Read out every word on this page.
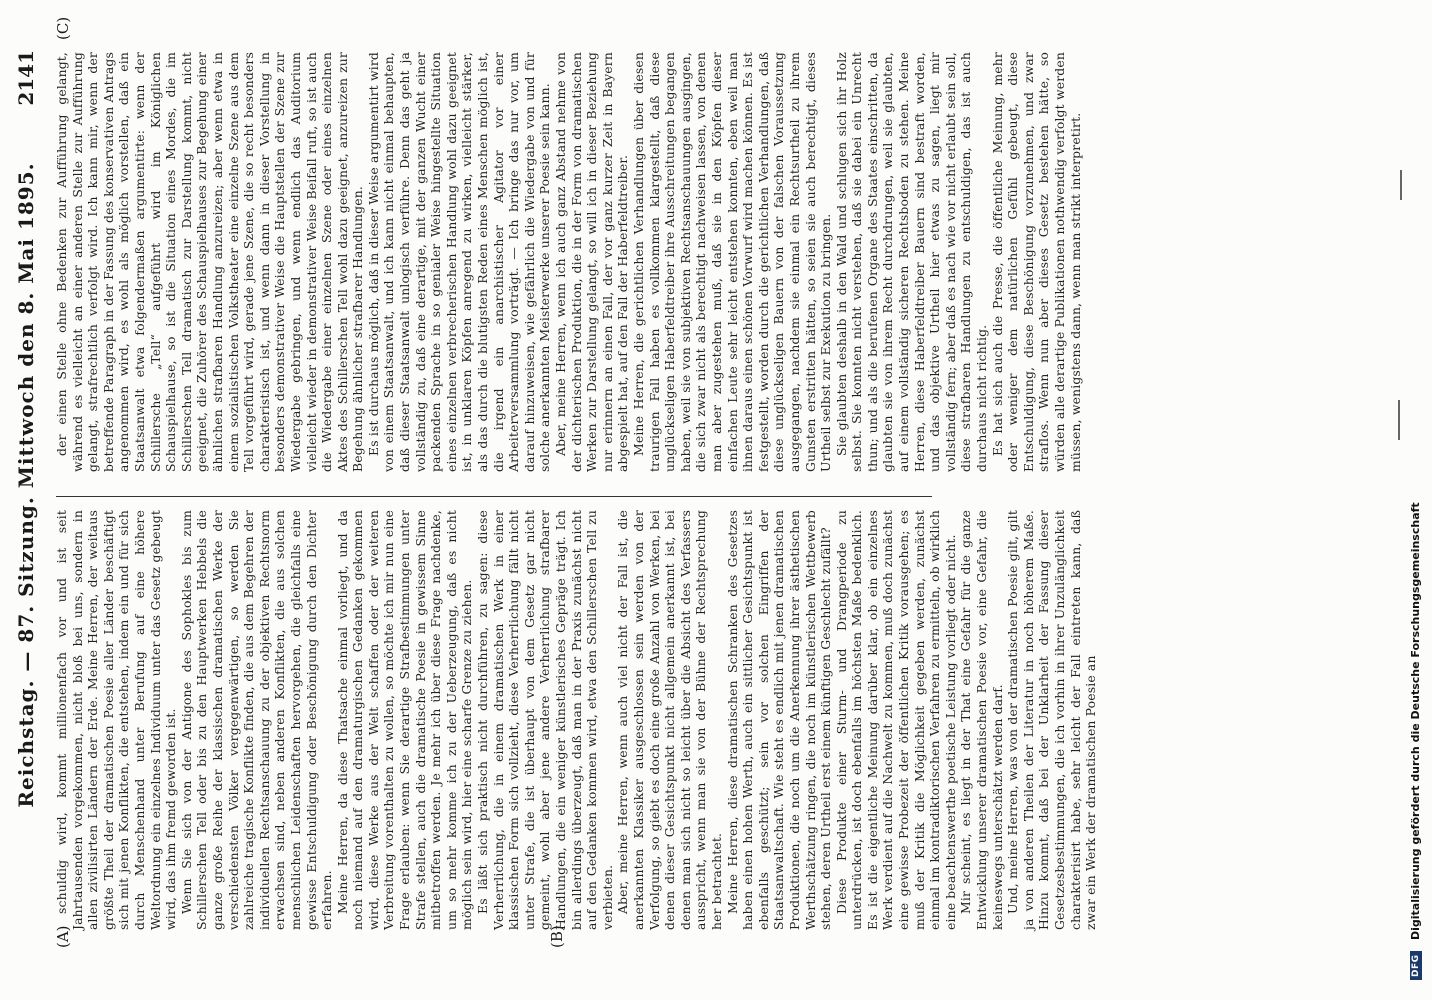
Reichstag. — 87. Sitzung. Mittwoch den 8. Mai 1895.
2141
(A)	(B)
(C)

schuldig wird, kommt millionenfach vor und ist seit Jahrtausenden vorgekommen, nicht bloß bei uns, sondern in allen zivilisirten Ländern der Erde. Meine Herren, der weitaus größte Theil der dramatischen Poesie aller Länder beschäftigt sich mit jenen Konflikten, die entstehen, indem ein und für sich durch Menschenhand unter Berufung auf eine höhere Weltordnung ein einzelnes Individuum unter das Gesetz gebeugt wird, das ihm fremd geworden ist. Wenn Sie sich von der Antigone des Sophokles bis zum Schillerschen Tell oder bis zu den Hauptwerken Hebbels die ganze große Reihe der klassischen dramatischen Werke der verschiedensten Völker vergegenwärtigen, so werden Sie zahlreiche tragische Konflikte finden, die aus dem Begehren der individuellen Rechtsanschauung zu der objektiven Rechtsnorm erwachsen sind, neben anderen Konflikten, die aus solchen menschlichen Leidenschaften hervorgehen, die gleichfalls eine gewisse Entschuldigung oder Beschönigung durch den Dichter erfahren. Meine Herren, da diese Thatsache einmal vorliegt, und da noch niemand auf den dramaturgischen Gedanken gekommen wird, diese Werke aus der Welt schaffen oder der weiteren Verbreitung vorenthalten zu wollen, so möchte ich mir nun eine Frage erlauben: wenn Sie derartige Strafbestimmungen unter Strafe stellen, auch die dramatische Poesie in gewissem Sinne mitbetroffen werden. Je mehr ich über diese Frage nachdenke, um so mehr komme ich zu der Ueberzeugung, daß es nicht möglich sein wird, hier eine scharfe Grenze zu ziehen. Es läßt sich praktisch nicht durchführen, zu sagen: diese Verherrlichung, die in einem dramatischen Werk in einer klassischen Form sich vollzieht, diese Verherrlichung fällt nicht unter Strafe, die ist überhaupt von dem Gesetz gar nicht gemeint, wohl aber jene andere Verherrlichung strafbarer Handlungen, die ein weniger künstlerisches Gepräge trägt. Ich bin allerdings überzeugt, daß man in der Praxis zunächst nicht auf den Gedanken kommen wird, etwa den Schillerschen Tell zu verbieten. Aber, meine Herren, wenn auch viel nicht der Fall ist, die anerkannten Klassiker ausgeschlossen sein werden von der Verfolgung, so giebt es doch eine große Anzahl von Werken, bei denen dieser Gesichtspunkt nicht allgemein anerkannt ist, bei denen man sich nicht so leicht über die Absicht des Verfassers ausspricht, wenn man sie von der Bühne der Rechtsprechung her betrachtet. Meine Herren, diese dramatischen Schranken des Gesetzes haben einen hohen Werth, auch ein sittlicher Gesichtspunkt ist ebenfalls geschützt; sein vor solchen Eingriffen der Staatsanwaltschaft. Wie steht es endlich mit jenen dramatischen Produktionen, die noch um die Anerkennung ihrer ästhetischen Werthschätzung ringen, die noch im künstlerischen Wettbewerb stehen, deren Urtheil erst einem künftigen Geschlecht zufällt? Diese Produkte einer Sturm- und Drangperiode zu unterdrücken, ist doch ebenfalls im höchsten Maße bedenklich. Es ist die eigentliche Meinung darüber klar, ob ein einzelnes Werk verdient auf die Nachwelt zu kommen, muß doch zunächst eine gewisse Probezeit der öffentlichen Kritik vorausgehen; es muß der Kritik die Möglichkeit gegeben werden, zunächst einmal im kontradiktorischen Verfahren zu ermitteln, ob wirklich eine beachtenswerthe poetische Leistung vorliegt oder nicht. Mir scheint, es liegt in der That eine Gefahr für die ganze Entwicklung unserer dramatischen Poesie vor, eine Gefahr, die keineswegs unterschätzt werden darf. Und, meine Herren, was von der dramatischen Poesie gilt, gilt ja von anderen Theilen der Literatur in noch höherem Maße. Hinzu kommt, daß bei der Unklarheit der Fassung dieser Gesetzesbestimmungen, die ich vorhin in ihrer Unzulänglichkeit charakterisirt habe, sehr leicht der Fall eintreten kann, daß zwar ein Werk der dramatischen Poesie an

der einen Stelle ohne Bedenken zur Aufführung gelangt, während es vielleicht an einer anderen Stelle zur Aufführung gelangt, strafrechtlich verfolgt wird. Ich kann mir, wenn der betreffende Paragraph in der Fassung des konservativen Antrags angenommen wird, es wohl als möglich vorstellen, daß ein Staatsanwalt etwa folgendermaßen argumentirte: wenn der Schillersche „Tell“ aufgeführt wird im Königlichen Schauspielhause, so ist die Situation eines Mordes, die im Schillerschen Tell dramatisch zur Darstellung kommt, nicht geeignet, die Zuhörer des Schauspielhauses zur Begehung einer ähnlichen strafbaren Handlung anzureizen; aber wenn etwa in einem sozialistischen Volkstheater eine einzelne Szene aus dem Tell vorgeführt wird, gerade jene Szene, die so recht besonders charakteristisch ist, und wenn dann in dieser Vorstellung in besonders demonstrativer Weise die Hauptstellen der Szene zur Wiedergabe gebringen, und wenn endlich das Auditorium vielleicht wieder in demonstrativer Weise Beifall ruft, so ist auch die Wiedergabe einer einzelnen Szene oder eines einzelnen Aktes des Schillerschen Tell wohl dazu geeignet, anzureizen zur Begehung ähnlicher strafbarer Handlungen. Es ist durchaus möglich, daß in dieser Weise argumentirt wird von einem Staatsanwalt, und ich kann nicht einmal behaupten, daß dieser Staatsanwalt unlogisch verführe. Denn das geht ja vollständig zu, daß eine derartige, mit der ganzen Wucht einer packenden Sprache in so genialer Weise hingestellte Situation eines einzelnen verbrecherischen Handlung wohl dazu geeignet ist, in unklaren Köpfen anregend zu wirken, vielleicht stärker, als das durch die blutigsten Reden eines Menschen möglich ist, die irgend ein anarchistischer Agitator vor einer Arbeiterversammlung vorträgt. — Ich bringe das nur vor, um darauf hinzuweisen, wie gefährlich die Wiedergabe von und für solche anerkannten Meisterwerke unserer Poesie sein kann. Aber, meine Herren, wenn ich auch ganz Abstand nehme von der dichterischen Produktion, die in der Form von dramatischen Werken zur Darstellung gelangt, so will ich in dieser Beziehung nur erinnern an einen Fall, der vor ganz kurzer Zeit in Bayern abgespielt hat, auf den Fall der Haberfeldtreiber. Meine Herren, die gerichtlichen Verhandlungen über diesen traurigen Fall haben es vollkommen klargestellt, daß diese unglückseligen Haberfeldtreiber ihre Ausschreitungen begangen haben, weil sie von subjektiven Rechtsanschauungen ausgingen, die sich zwar nicht als berechtigt nachweisen lassen, von denen man aber zugestehen muß, daß sie in den Köpfen dieser einfachen Leute sehr leicht entstehen konnten, eben weil man ihnen daraus einen schönen Vorwurf wird machen können. Es ist festgestellt, worden durch die gerichtlichen Verhandlungen, daß diese unglückseligen Bauern von der falschen Voraussetzung ausgegangen, nachdem sie einmal ein Rechtsurtheil zu ihrem Gunsten erstritten hätten, so seien sie auch berechtigt, dieses Urtheil selbst zur Exekution zu bringen. Sie glaubten deshalb in den Wald und schlugen sich ihr Holz selbst. Sie konnten nicht verstehen, daß sie dabei ein Unrecht thun; und als die berufenen Organe des Staates einschritten, da glaubten sie von ihrem Recht durchdrungen, weil sie glaubten, auf einem vollständig sicheren Rechtsboden zu stehen. Meine Herren, diese Haberfeldtreiber Bauern sind bestraft worden, und das objektive Urtheil hier etwas zu sagen, liegt mir vollständig fern; aber daß es nach wie vor nicht erlaubt sein soll, diese strafbaren Handlungen zu entschuldigen, das ist auch durchaus nicht richtig. Es hat sich auch die Presse, die öffentliche Meinung, mehr oder weniger dem natürlichen Gefühl gebeugt, diese Entschuldigung, diese Beschönigung vorzunehmen, und zwar straflos. Wenn nun aber dieses Gesetz bestehen hätte, so würden alle derartige Publikationen nothwendig verfolgt werden müssen, wenigstens dann, wenn man strikt interpretirt.

DFG
Digitalisierung gefördert durch die Deutsche Forschungsgemeinschaft
